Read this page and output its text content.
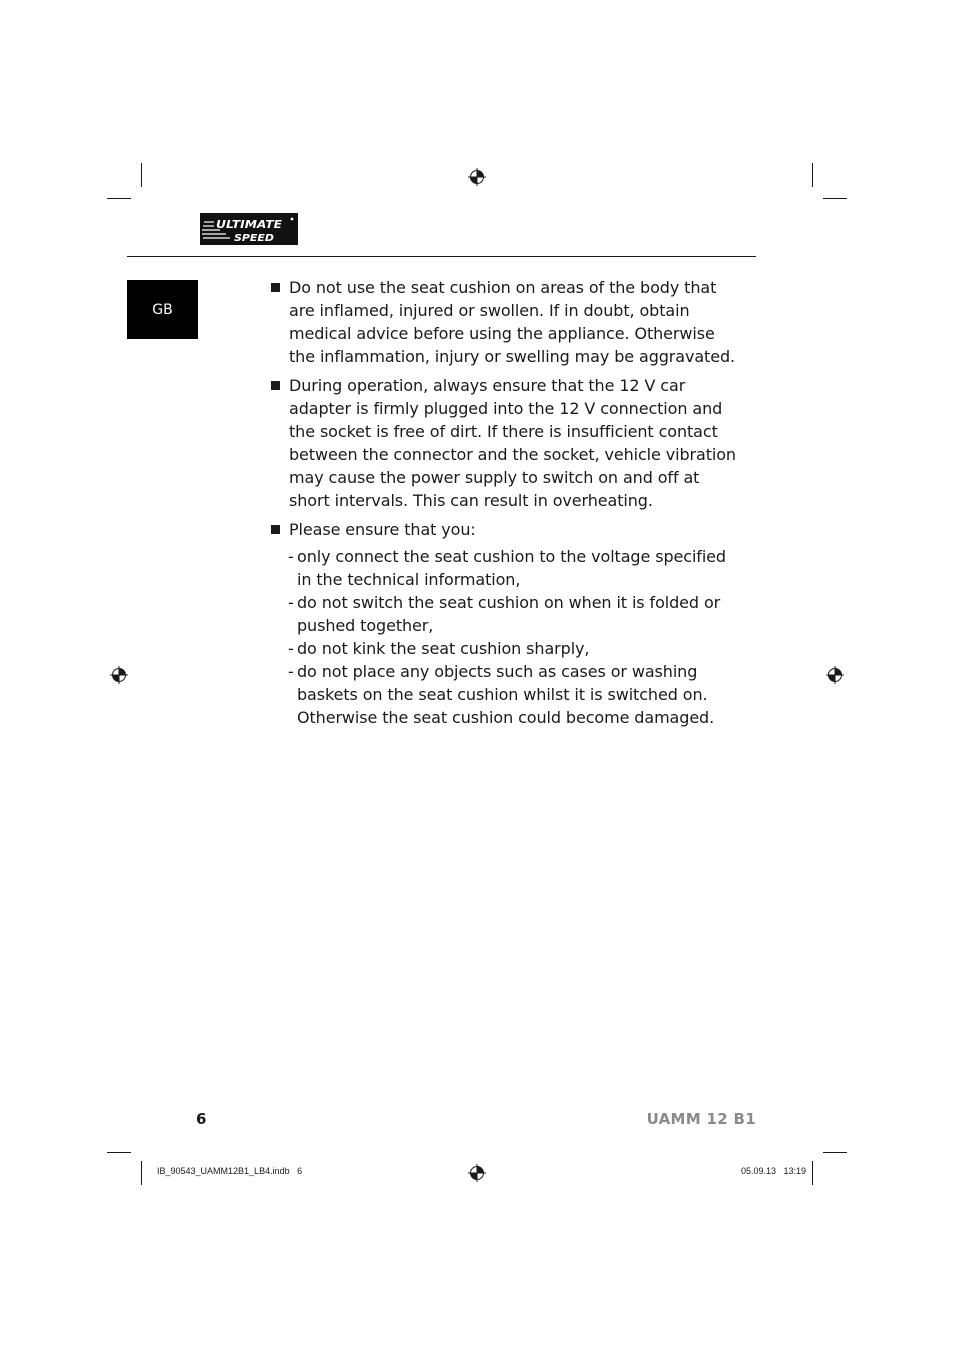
ULTIMATE
SPEED
GB
Do not use the seat cushion on areas of the body that are inflamed, injured or swollen. If in doubt, obtain medical advice before using the appliance. Otherwise the inflammation, injury or swelling may be aggravated.
During operation, always ensure that the 12 V car adapter is firmly plugged into the 12 V connection and the socket is free of dirt. If there is insufficient contact between the connector and the socket, vehicle vibration may cause the power supply to switch on and off at short intervals. This can result in overheating.
Please ensure that you:
- only connect the seat cushion to the voltage specified in the technical information,
- do not switch the seat cushion on when it is folded or pushed together,
- do not kink the seat cushion sharply,
- do not place any objects such as cases or washing baskets on the seat cushion whilst it is switched on. Otherwise the seat cushion could become damaged.
6	UAMM 12 B1
IB_90543_UAMM12B1_LB4.indb   6	05.09.13   13:19
